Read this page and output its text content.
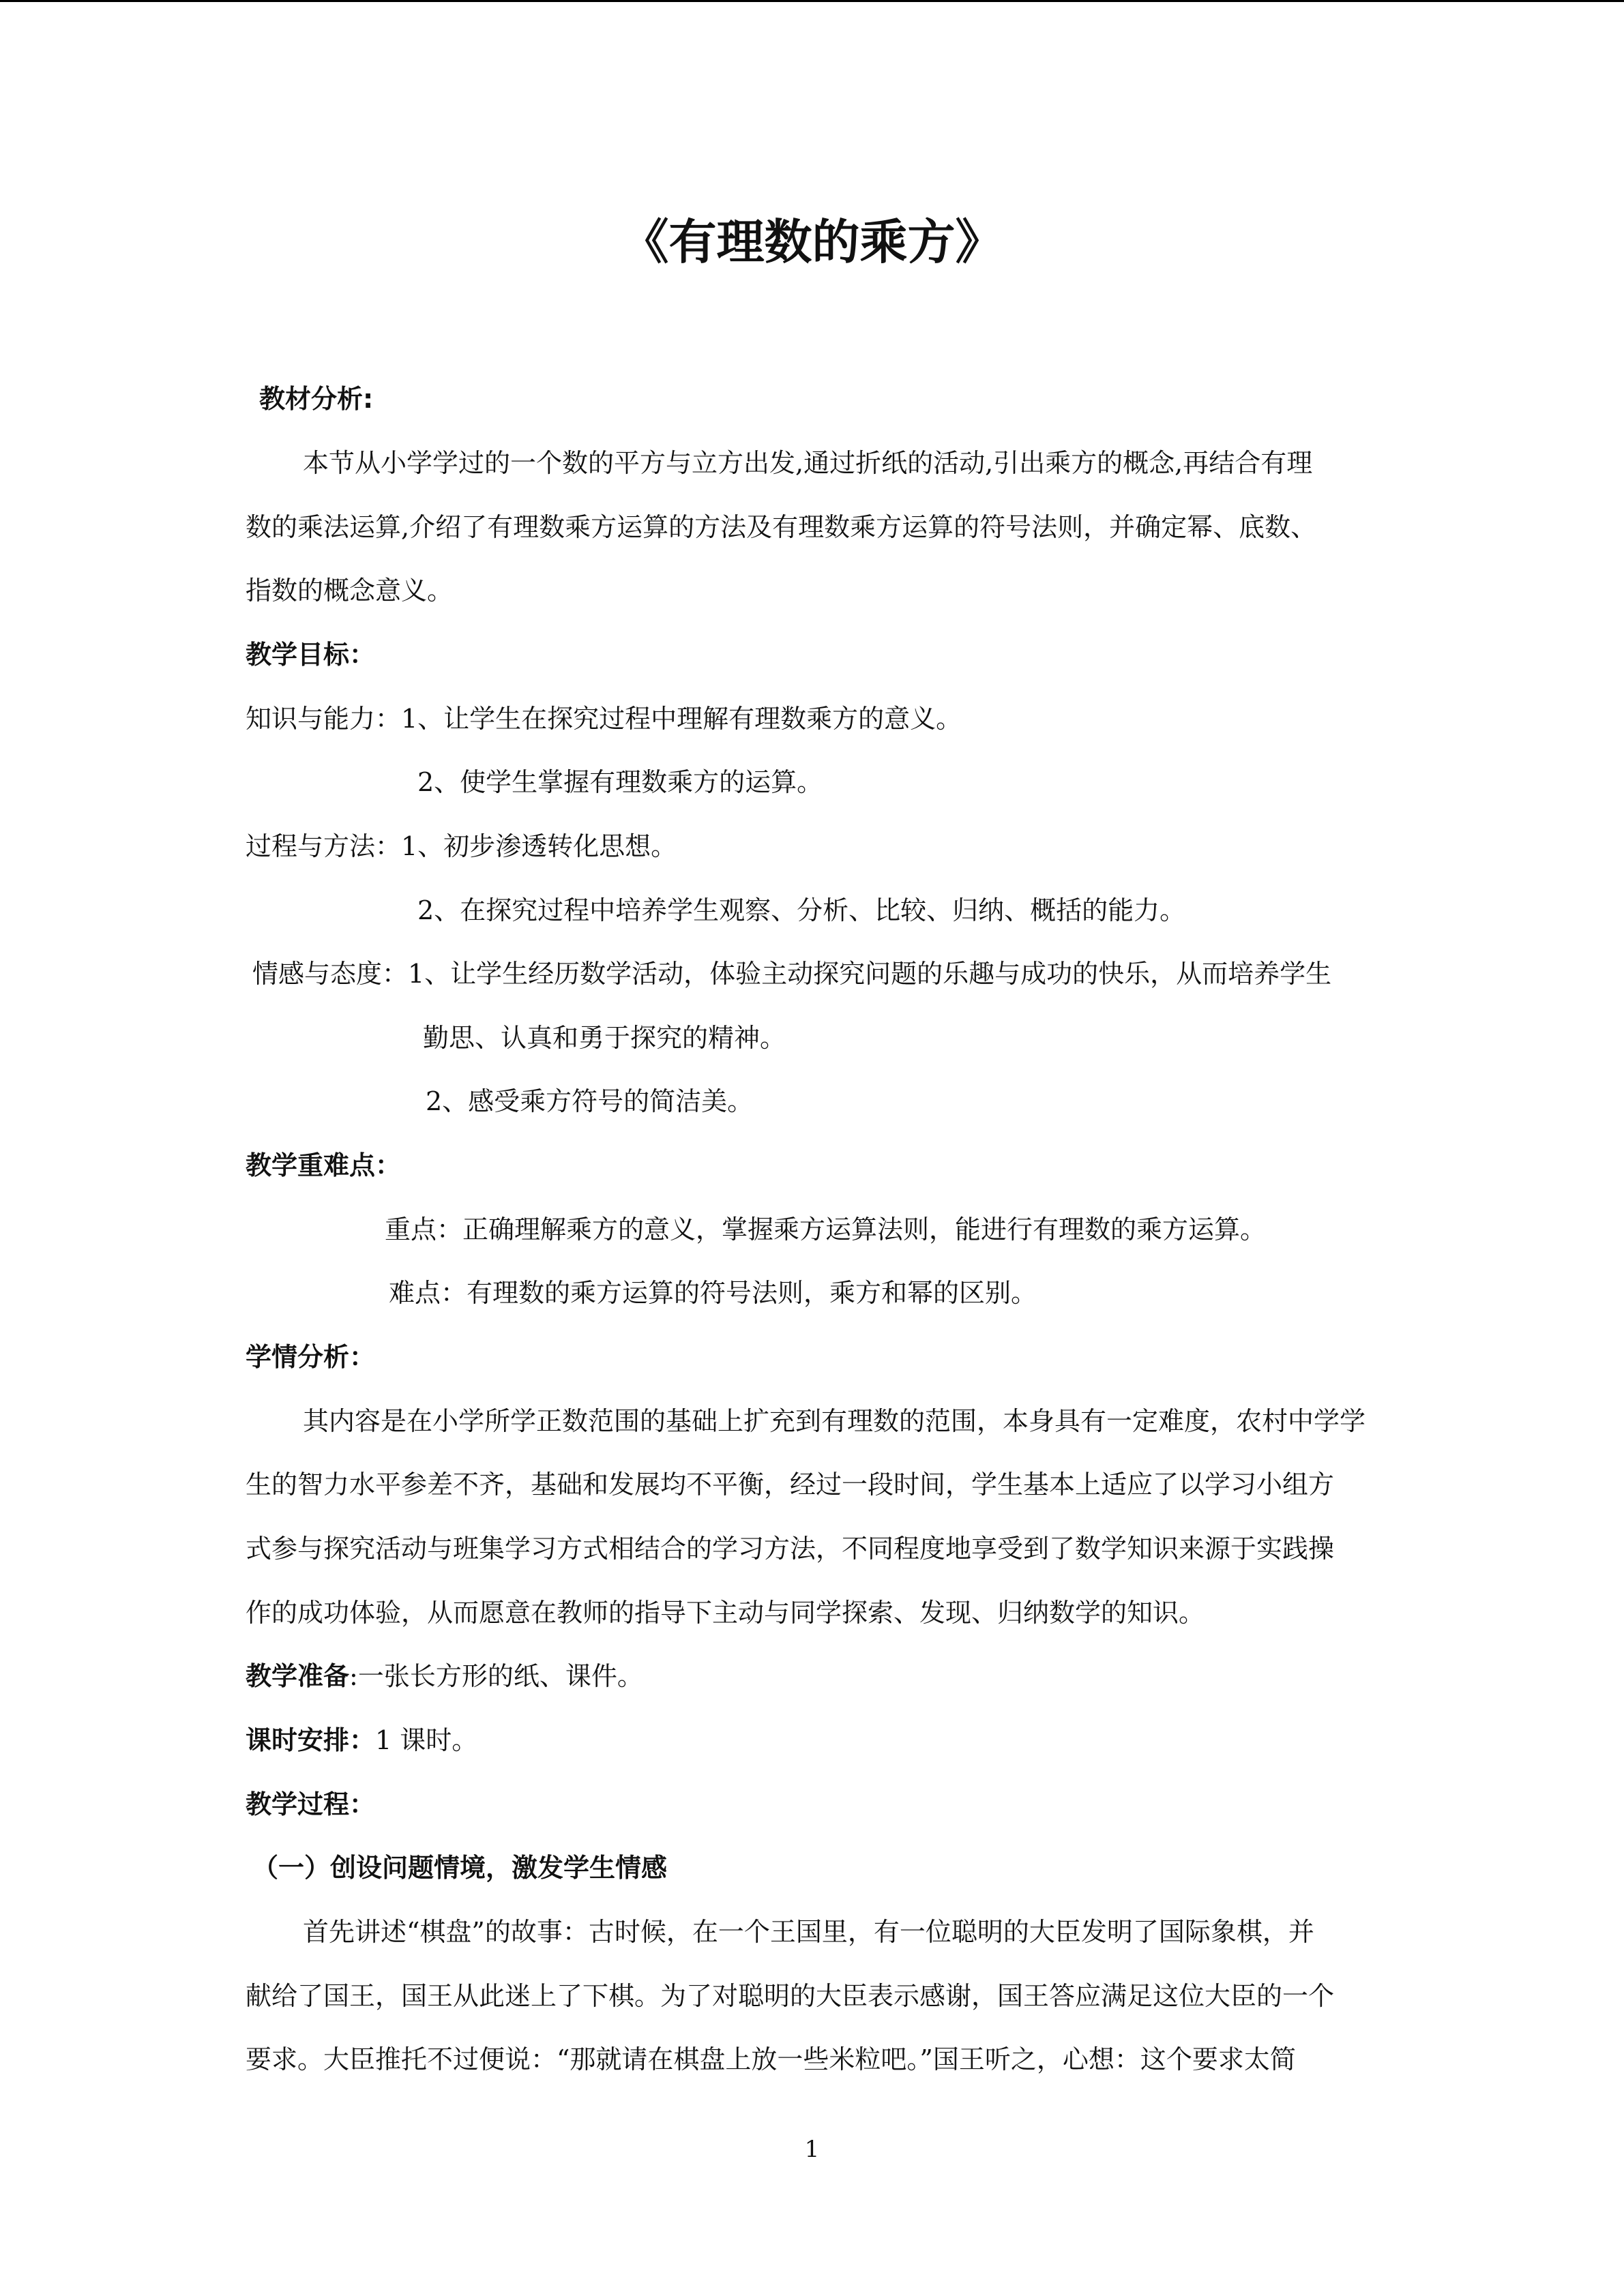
《有理数的乘方》
教材分析:
本节从小学学过的一个数的平方与立方出发,通过折纸的活动,引出乘方的概念,再结合有理
数的乘法运算,介绍了有理数乘方运算的方法及有理数乘方运算的符号法则，并确定幂、底数、
指数的概念意义。
教学目标：
知识与能力：1、让学生在探究过程中理解有理数乘方的意义。
2、使学生掌握有理数乘方的运算。
过程与方法：1、初步渗透转化思想。
2、在探究过程中培养学生观察、分析、比较、归纳、概括的能力。
情感与态度：1、让学生经历数学活动，体验主动探究问题的乐趣与成功的快乐，从而培养学生
勤思、认真和勇于探究的精神。
2、感受乘方符号的简洁美。
教学重难点：
重点：正确理解乘方的意义，掌握乘方运算法则，能进行有理数的乘方运算。
难点：有理数的乘方运算的符号法则，乘方和幂的区别。
学情分析：
其内容是在小学所学正数范围的基础上扩充到有理数的范围，本身具有一定难度，农村中学学
生的智力水平参差不齐，基础和发展均不平衡，经过一段时间，学生基本上适应了以学习小组方
式参与探究活动与班集学习方式相结合的学习方法，不同程度地享受到了数学知识来源于实践操
作的成功体验，从而愿意在教师的指导下主动与同学探索、发现、归纳数学的知识。
教学准备:一张长方形的纸、课件。
课时安排：1 课时。
教学过程：
（一）创设问题情境，激发学生情感
首先讲述“棋盘”的故事：古时候，在一个王国里，有一位聪明的大臣发明了国际象棋，并
献给了国王，国王从此迷上了下棋。为了对聪明的大臣表示感谢，国王答应满足这位大臣的一个
要求。大臣推托不过便说：“那就请在棋盘上放一些米粒吧。”国王听之，心想：这个要求太简
1
